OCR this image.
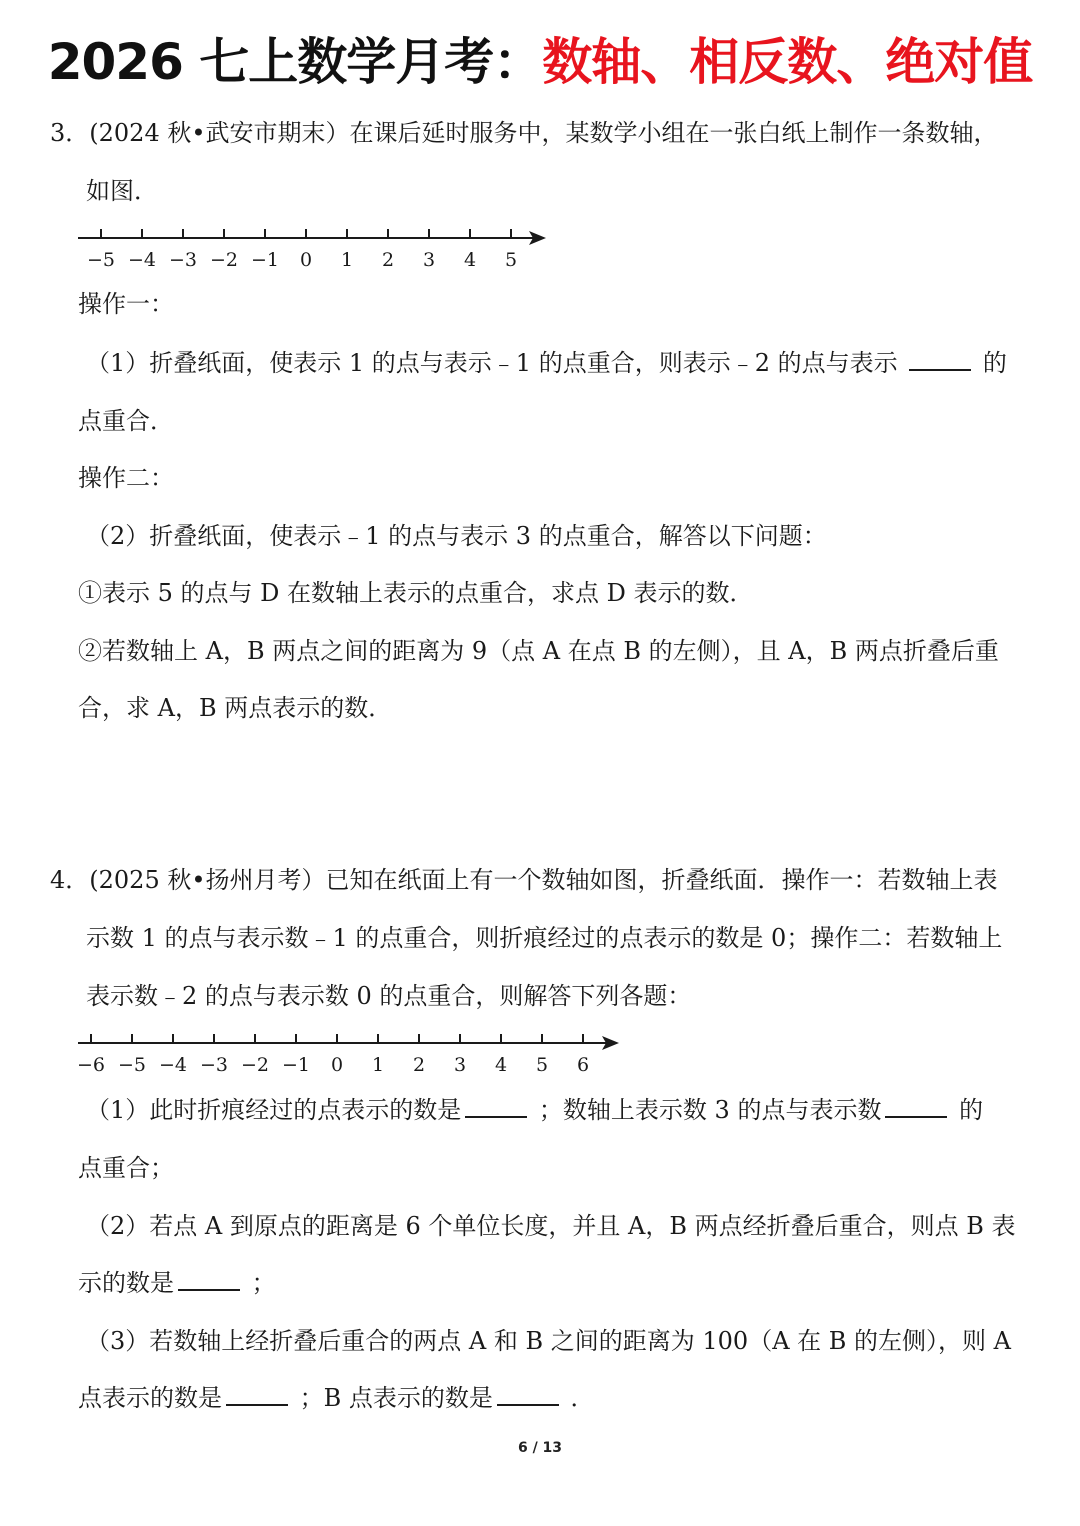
2026 七上数学月考：数轴、相反数、绝对值
3．(2024 秋•武安市期末）在课后延时服务中，某数学小组在一张白纸上制作一条数轴，
如图．
−5 −4 −3 −2 −1 0 1 2 3 4 5
操作一：
（1）折叠纸面，使表示 1 的点与表示﹣1 的点重合，则表示﹣2 的点与表示	的
点重合．
操作二：
（2）折叠纸面，使表示﹣1 的点与表示 3 的点重合，解答以下问题：
①表示 5 的点与 D 在数轴上表示的点重合，求点 D 表示的数．
②若数轴上 A，B 两点之间的距离为 9（点 A 在点 B 的左侧），且 A，B 两点折叠后重
合，求 A，B 两点表示的数．
4．(2025 秋•扬州月考）已知在纸面上有一个数轴如图，折叠纸面．操作一：若数轴上表
示数 1 的点与表示数﹣1 的点重合，则折痕经过的点表示的数是 0；操作二：若数轴上
表示数﹣2 的点与表示数 0 的点重合，则解答下列各题：
−6 −5 −4 −3 −2 −1 0 1 2 3 4 5 6
（1）此时折痕经过的点表示的数是	；数轴上表示数 3 的点与表示数	的
点重合；
（2）若点 A 到原点的距离是 6 个单位长度，并且 A，B 两点经折叠后重合，则点 B 表
示的数是	；
（3）若数轴上经折叠后重合的两点 A 和 B 之间的距离为 100（A 在 B 的左侧），则 A
点表示的数是	；B 点表示的数是	．
6 / 13
